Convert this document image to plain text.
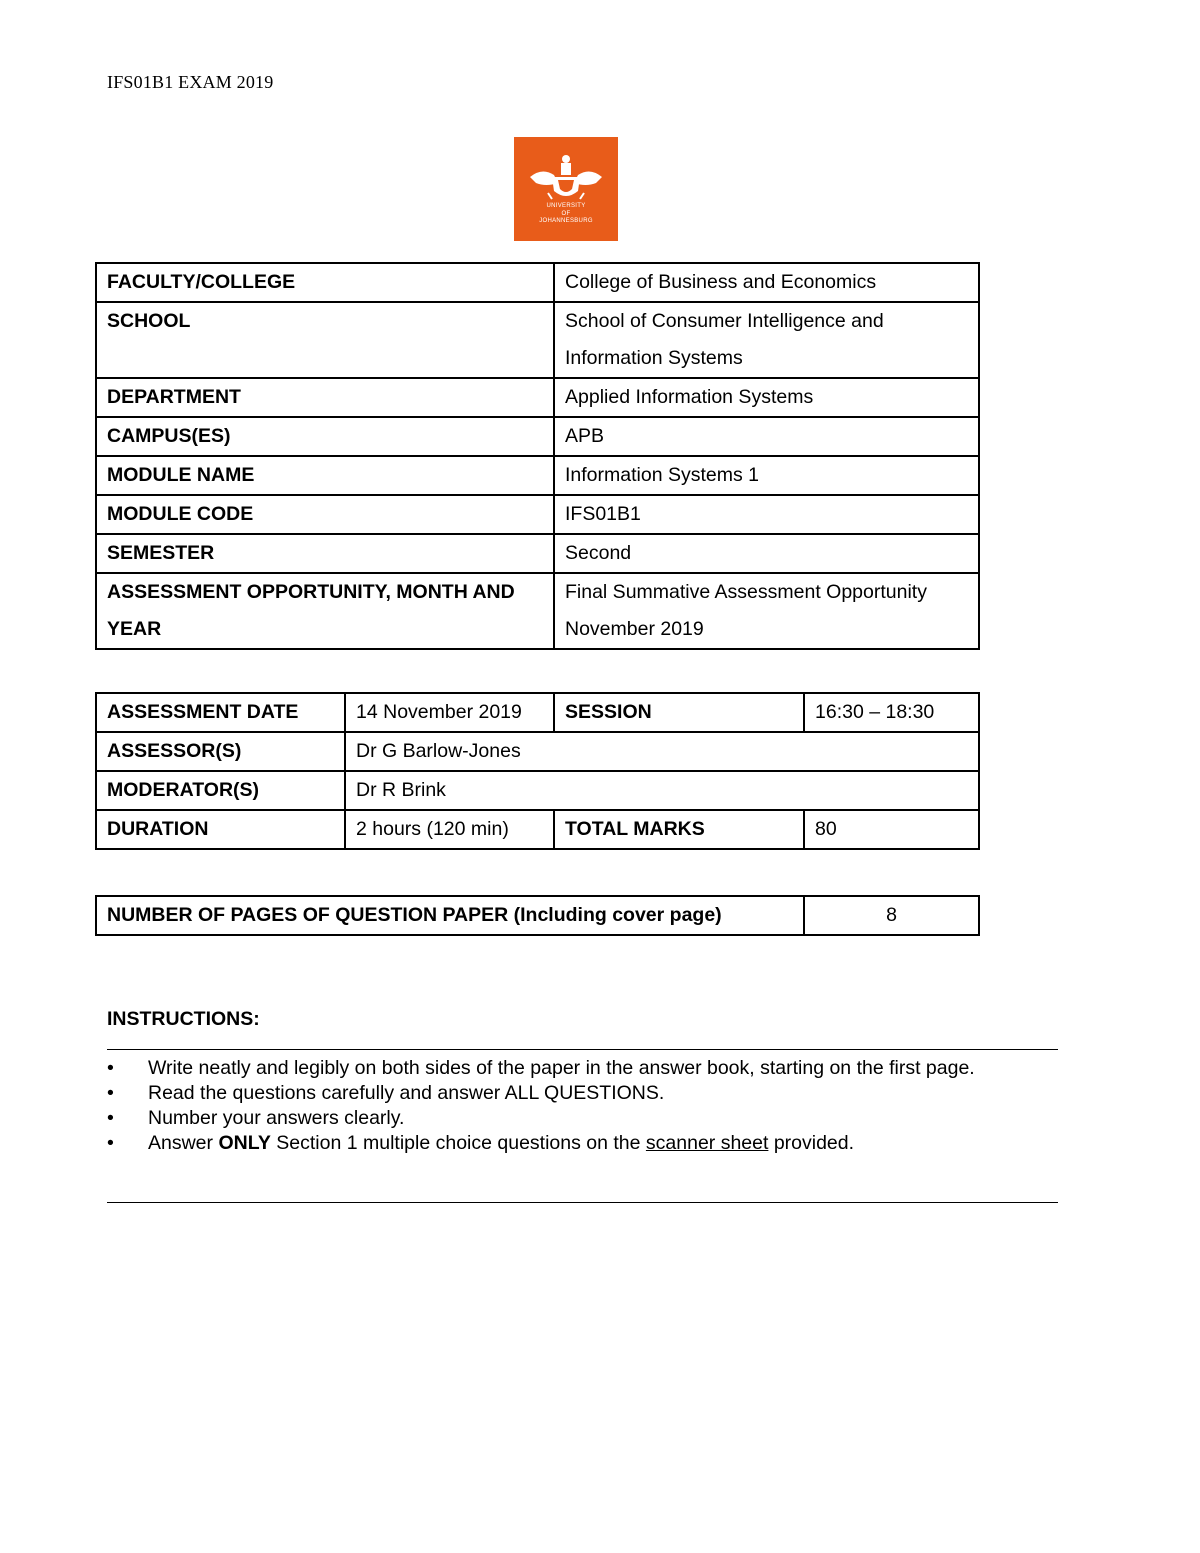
IFS01B1 EXAM 2019
UNIVERSITY
OF
JOHANNESBURG
FACULTY/COLLEGE	College of Business and Economics
SCHOOL	School of Consumer Intelligence and Information Systems
DEPARTMENT	Applied Information Systems
CAMPUS(ES)	APB
MODULE NAME	Information Systems 1
MODULE CODE	IFS01B1
SEMESTER	Second
ASSESSMENT OPPORTUNITY, MONTH AND YEAR	Final Summative Assessment Opportunity November 2019
ASSESSMENT DATE	14 November 2019	SESSION	16:30 – 18:30
ASSESSOR(S)	Dr G Barlow-Jones		
MODERATOR(S)	Dr R Brink		
DURATION	2 hours (120 min)	TOTAL MARKS	80
NUMBER OF PAGES OF QUESTION PAPER (Including cover page)	8
INSTRUCTIONS:
• Write neatly and legibly on both sides of the paper in the answer book, starting on the first page.
• Read the questions carefully and answer ALL QUESTIONS.
• Number your answers clearly.
• Answer ONLY Section 1 multiple choice questions on the scanner sheet provided.
